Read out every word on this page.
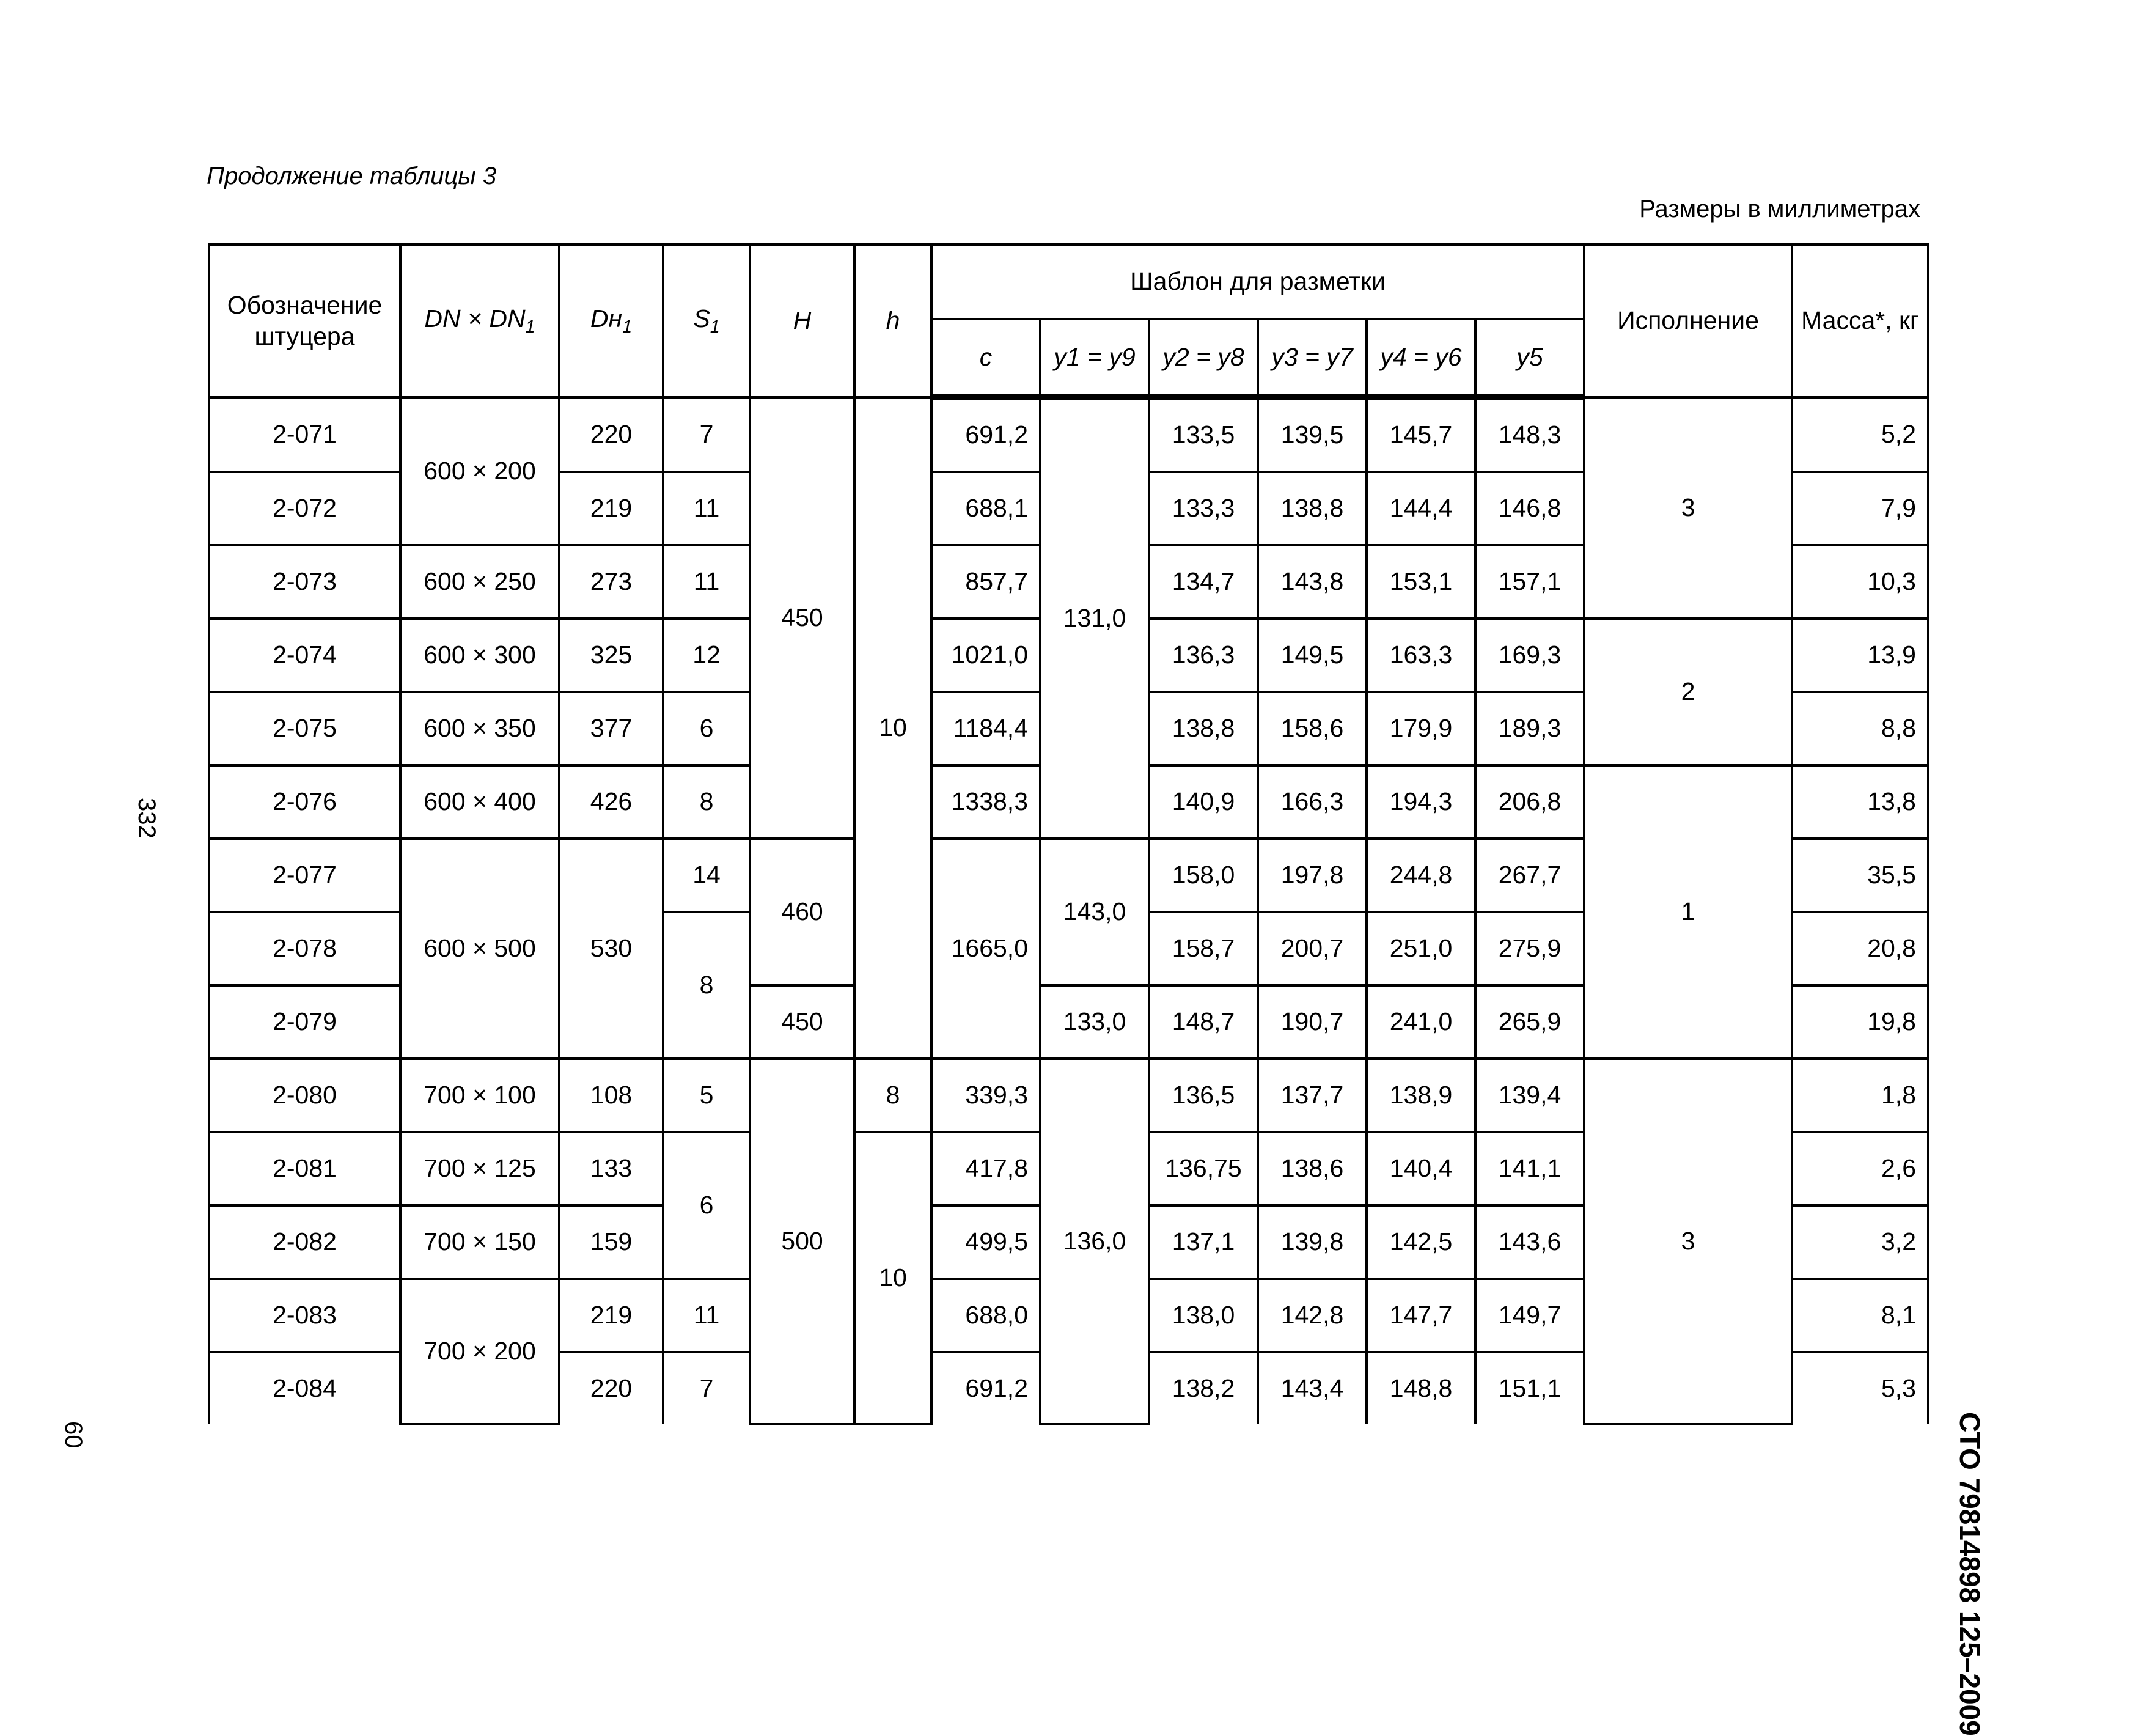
Продолжение таблицы 3
Размеры в миллиметрах
Обозначение штуцера	DN × $DN_1$	$Dн_1$	$S_1$	H	h	Шаблон для разметки						Исполнение	Масса*, кг
						c	y1 = y9	y2 = y8	y3 = y7	y4 = y6	y5		
2-071	600 × 200	220	7	450	10	691,2	131,0	133,5	139,5	145,7	148,3	3	5,2
2-072		219	11			688,1		133,3	138,8	144,4	146,8		7,9
2-073	600 × 250	273	11			857,7		134,7	143,8	153,1	157,1		10,3
2-074	600 × 300	325	12			1021,0		136,3	149,5	163,3	169,3	2	13,9
2-075	600 × 350	377	6			1184,4		138,8	158,6	179,9	189,3		8,8
2-076	600 × 400	426	8			1338,3		140,9	166,3	194,3	206,8	1	13,8
2-077	600 × 500	530	14	460		1665,0	143,0	158,0	197,8	244,8	267,7		35,5
2-078			8					158,7	200,7	251,0	275,9		20,8
2-079				450			133,0	148,7	190,7	241,0	265,9		19,8
2-080	700 × 100	108	5	500	8	339,3	136,0	136,5	137,7	138,9	139,4	3	1,8
2-081	700 × 125	133	6		10	417,8		136,75	138,6	140,4	141,1		2,6
2-082	700 × 150	159				499,5		137,1	139,8	142,5	143,6		3,2
2-083	700 × 200	219	11			688,0		138,0	142,8	147,7	149,7		8,1
2-084		220	7			691,2		138,2	143,4	148,8	151,1		5,3
332
60	СТО 79814898 125–2009
